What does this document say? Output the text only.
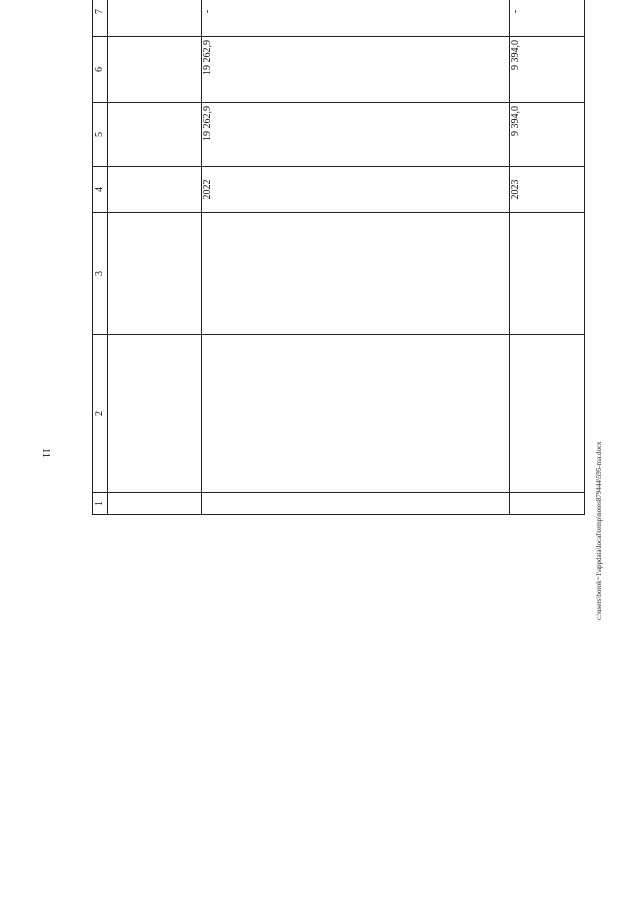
11	c:\users\borok~1\appdata\local\temp\notes879444\595-ma.docx
1	2	3	4	5	6	7				

			2022	19 262,9	19 262,9	-				
			2023	9 394,0	9 394,0	-				
